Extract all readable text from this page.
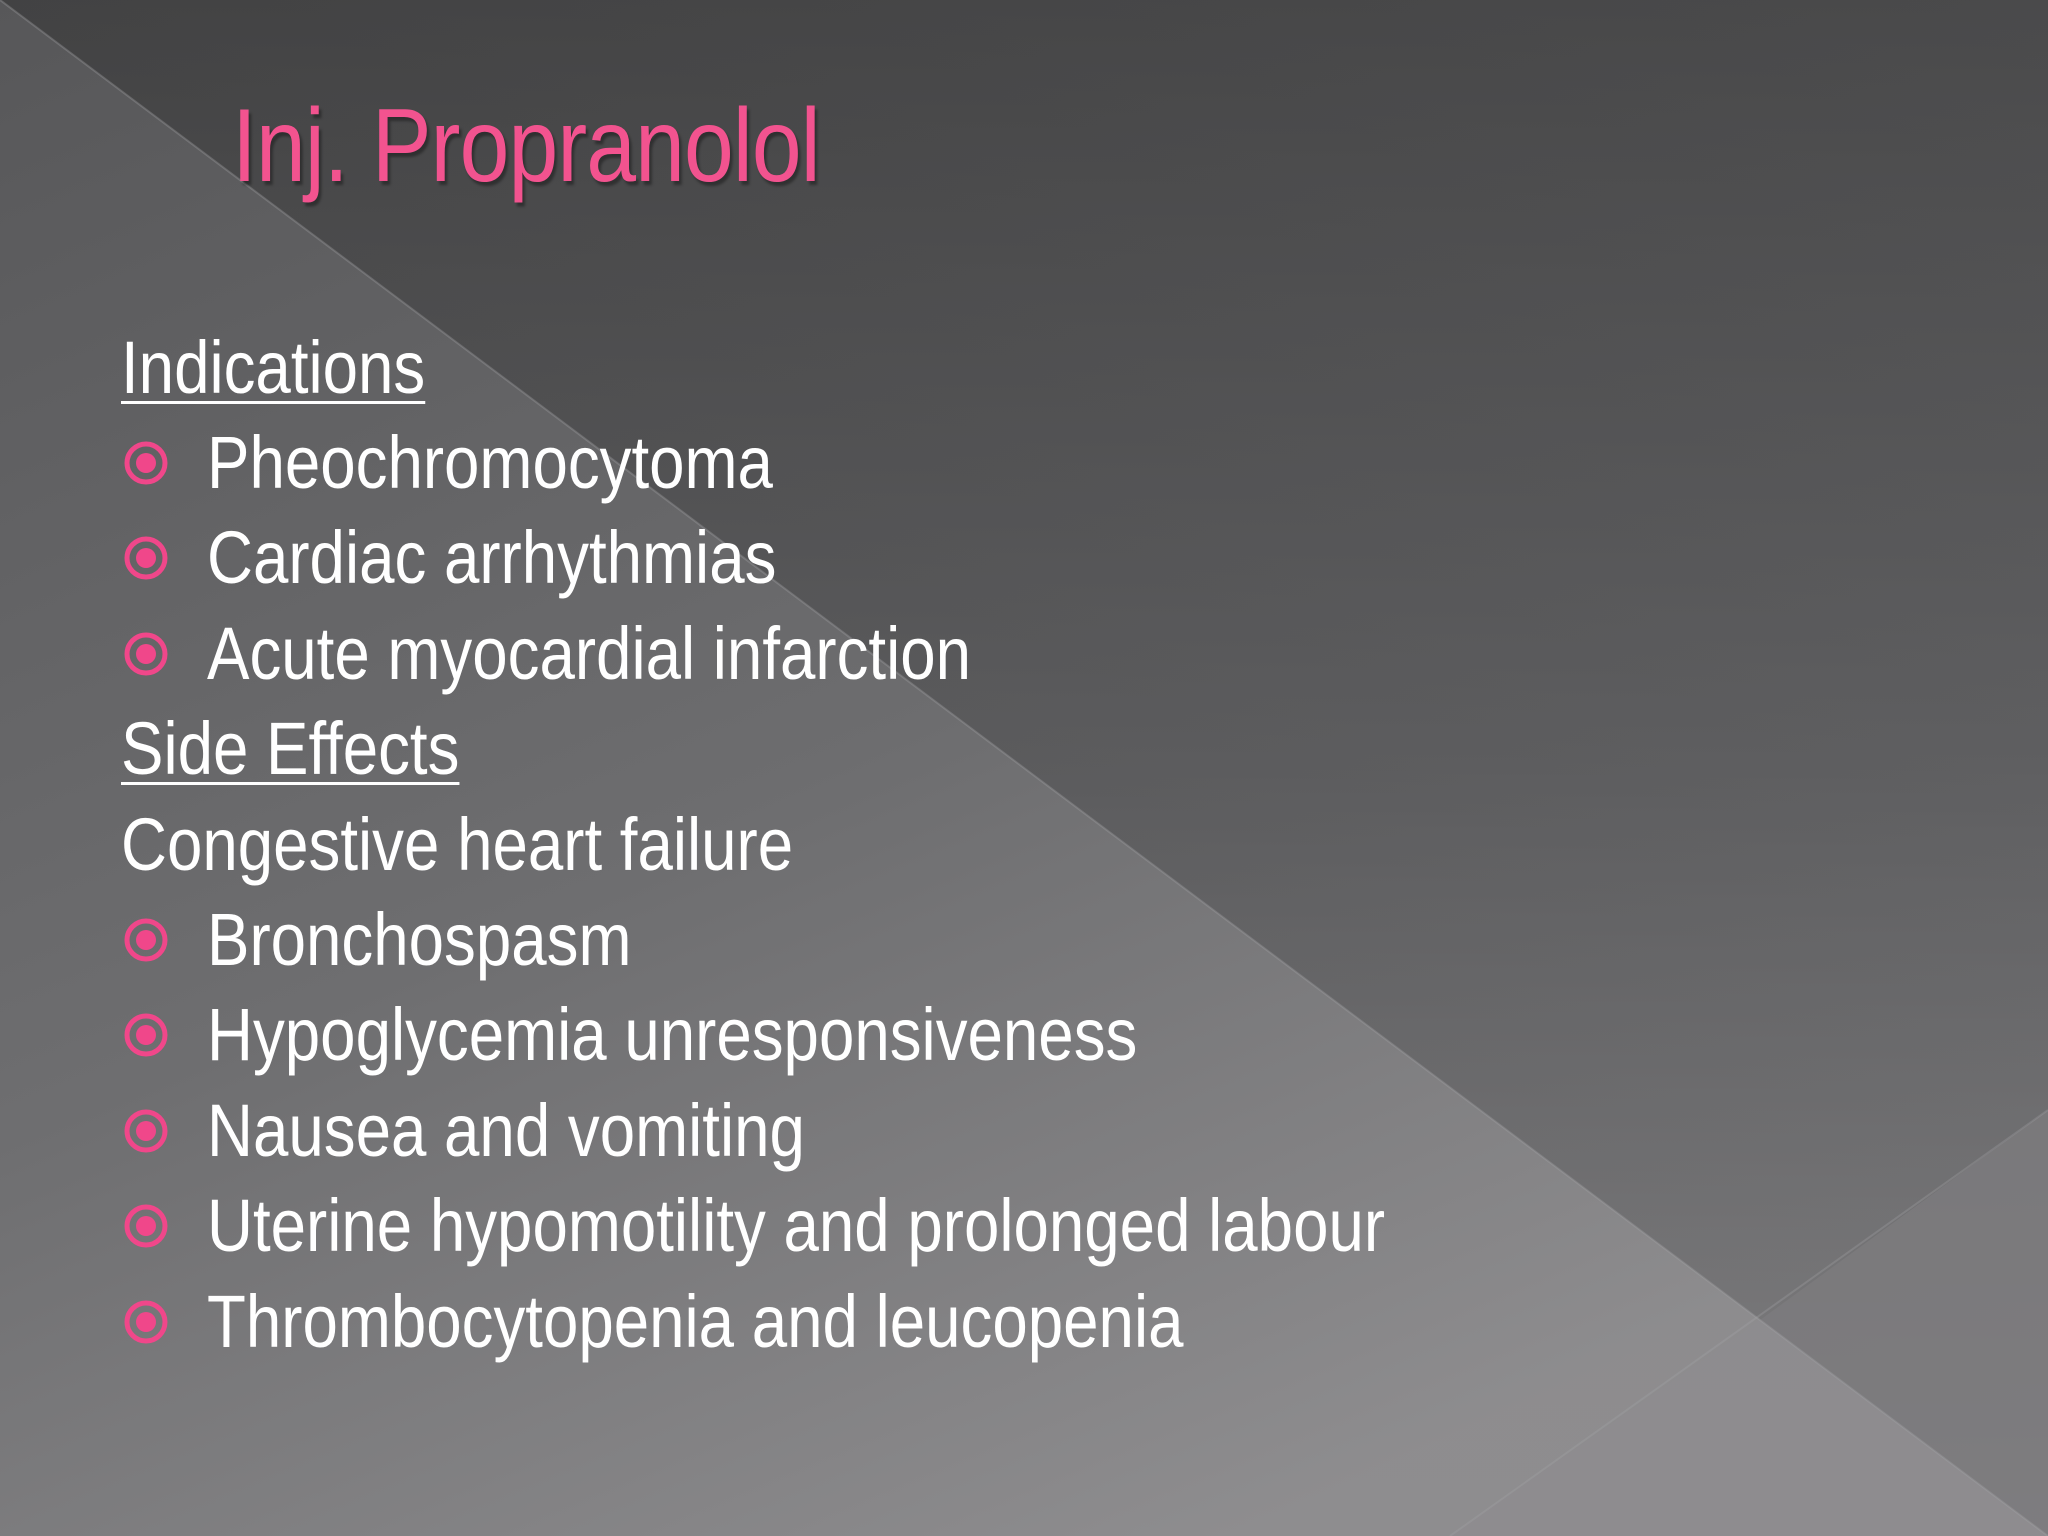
Inj. Propranolol
Indications
Pheochromocytoma
Cardiac arrhythmias
Acute myocardial infarction
Side Effects
Congestive heart failure
Bronchospasm
Hypoglycemia unresponsiveness
Nausea and vomiting
Uterine hypomotility and prolonged labour
Thrombocytopenia and leucopenia
